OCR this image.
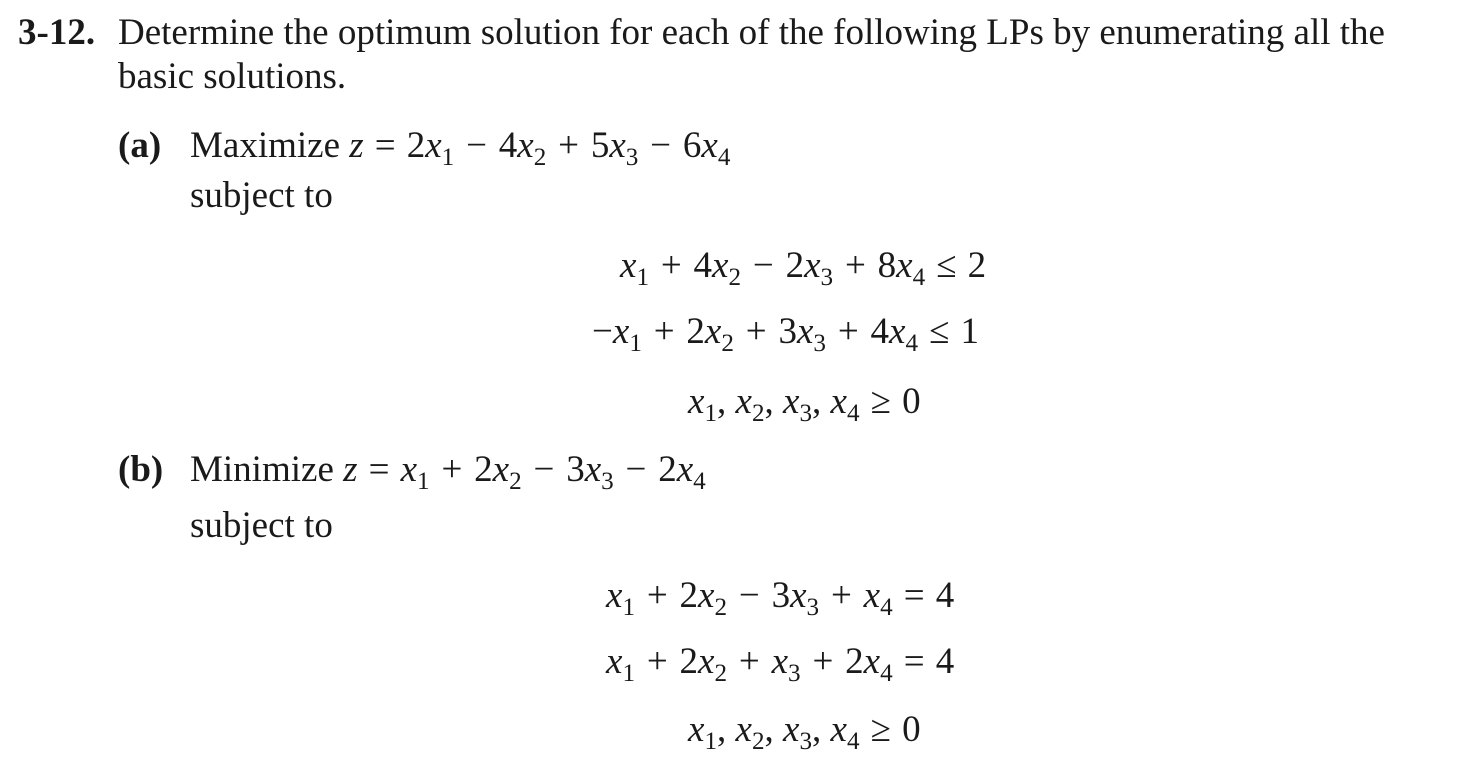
3-12. Determine the optimum solution for each of the following LPs by enumerating all the
basic solutions.
(a) Maximize $z = 2x_1 - 4x_2 + 5x_3 - 6x_4$
subject to
$x_1 + 4x_2 - 2x_3 + 8x_4 \le 2$
$-x_1 + 2x_2 + 3x_3 + 4x_4 \le 1$
$x_1$, $x_2$, $x_3$, $x_4 \ge 0$
(b) Minimize $z = x_1 + 2x_2 - 3x_3 - 2x_4$
subject to
$x_1 + 2x_2 - 3x_3 + x_4 = 4$
$x_1 + 2x_2 + x_3 + 2x_4 = 4$
$x_1$, $x_2$, $x_3$, $x_4 \ge 0$
